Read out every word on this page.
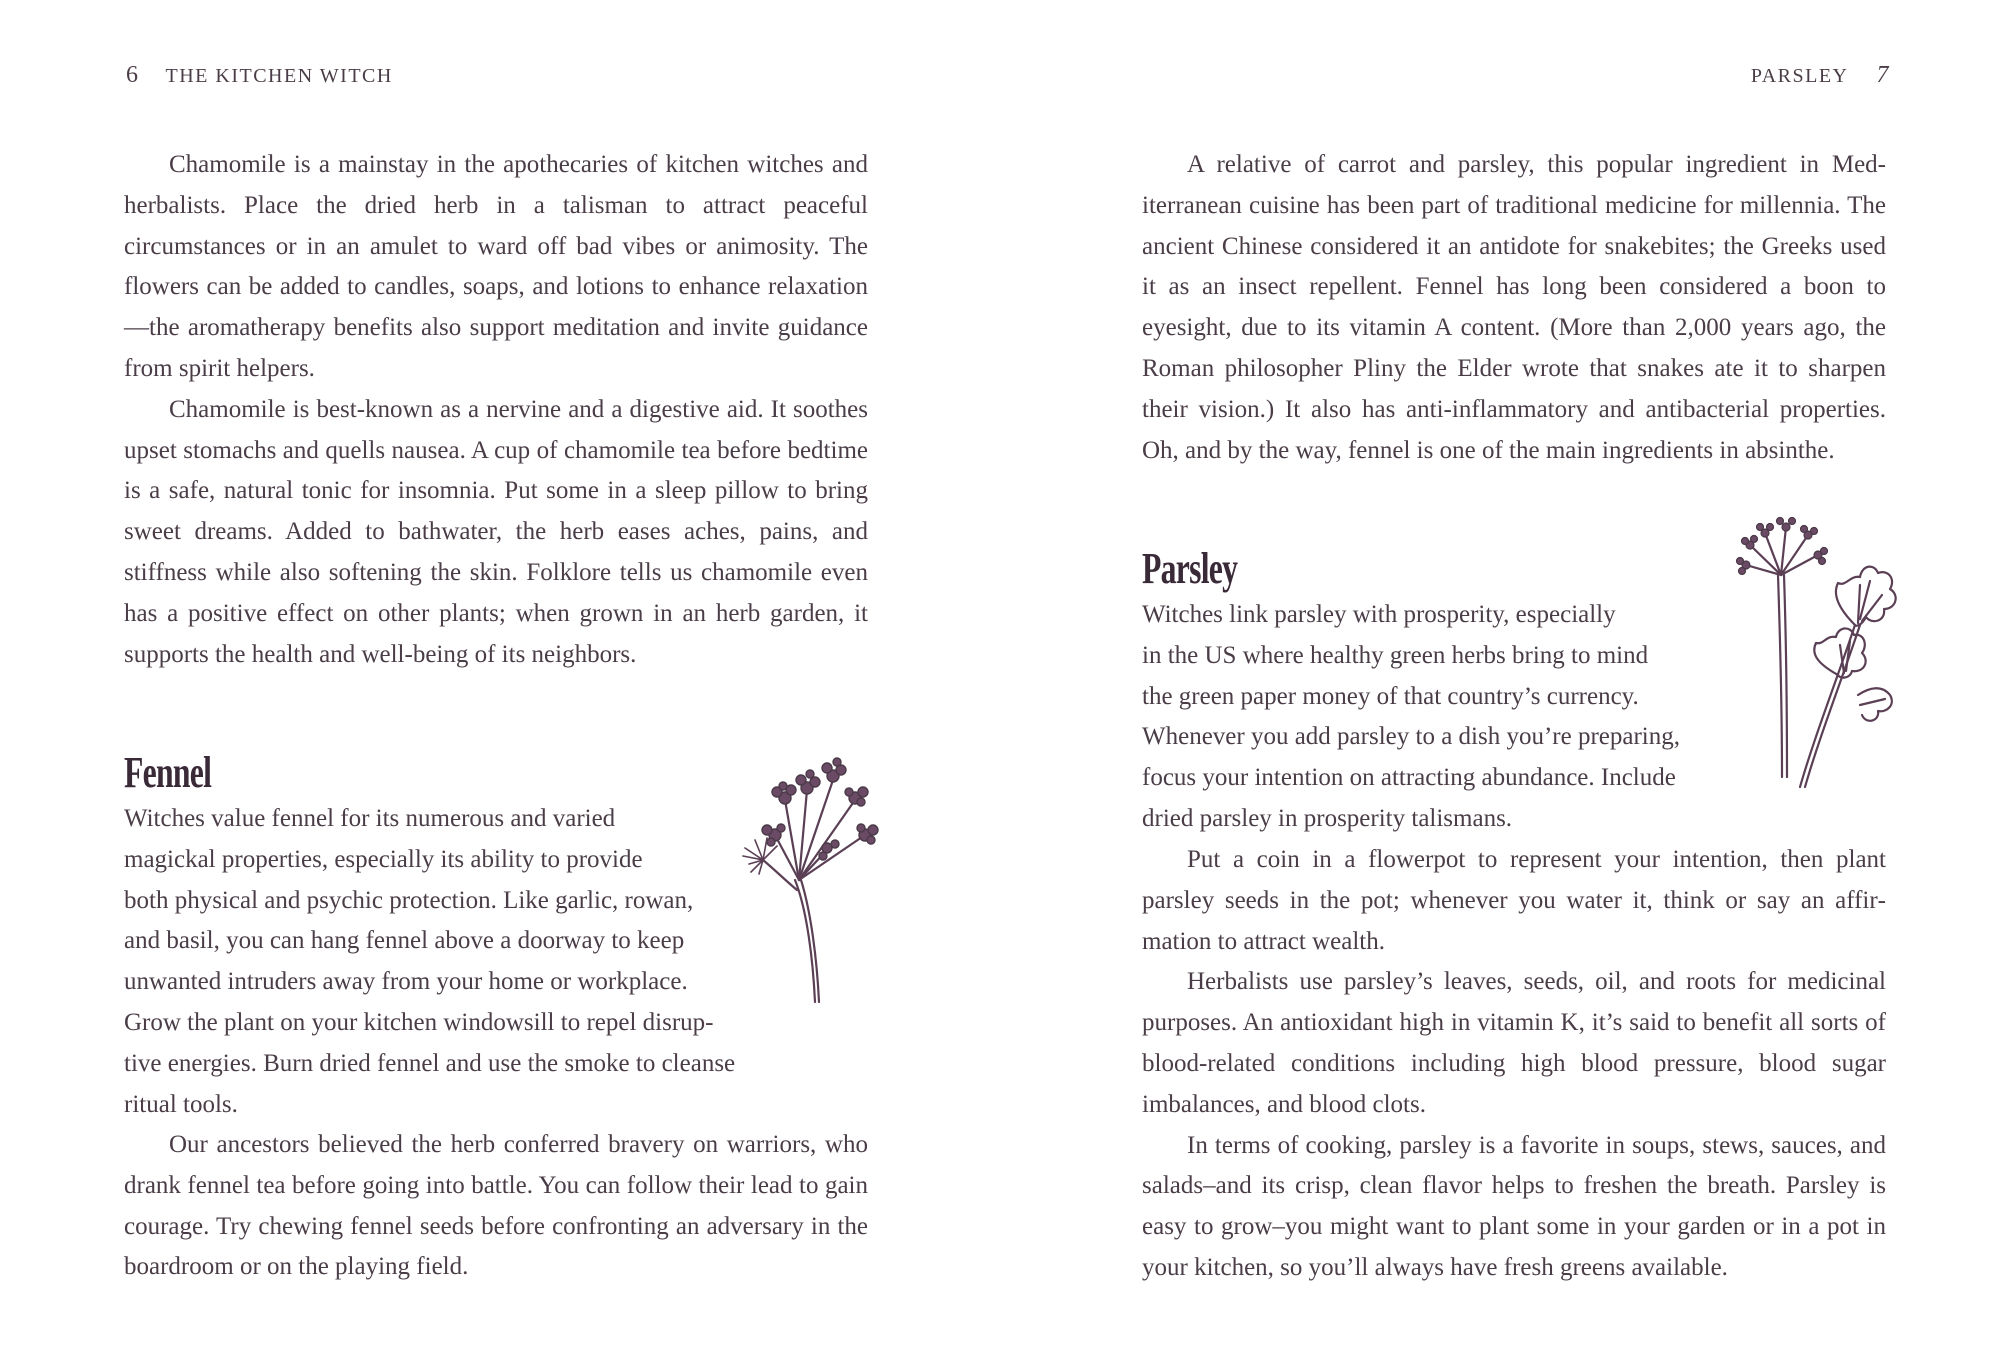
6 THE KITCHEN WITCH

Chamomile is a mainstay in the apothecaries of kitchen witches and herbalists. Place the dried herb in a talisman to attract peaceful circumstances or in an amulet to ward off bad vibes or animosity. The flowers can be added to candles, soaps, and lotions to enhance relaxation—the aromatherapy benefits also support meditation and invite guidance from spirit helpers.

Chamomile is best-known as a nervine and a digestive aid. It soothes upset stomachs and quells nausea. A cup of chamomile tea before bedtime is a safe, natural tonic for insomnia. Put some in a sleep pillow to bring sweet dreams. Added to bathwater, the herb eases aches, pains, and stiffness while also softening the skin. Folklore tells us chamomile even has a positive effect on other plants; when grown in an herb garden, it supports the health and well-being of its neighbors.

Fennel
Witches value fennel for its numerous and varied
magickal properties, especially its ability to provide
both physical and psychic protection. Like garlic, rowan,
and basil, you can hang fennel above a doorway to keep
unwanted intruders away from your home or workplace.
Grow the plant on your kitchen windowsill to repel disrup-
tive energies. Burn dried fennel and use the smoke to cleanse
ritual tools.

Our ancestors believed the herb conferred bravery on warriors, who drank fennel tea before going into battle. You can follow their lead to gain courage. Try chewing fennel seeds before confronting an adversary in the boardroom or on the playing field.

PARSLEY 7

A relative of carrot and parsley, this popular ingredient in Mediterranean cuisine has been part of traditional medicine for millennia. The ancient Chinese considered it an antidote for snakebites; the Greeks used it as an insect repellent. Fennel has long been considered a boon to eyesight, due to its vitamin A content. (More than 2,000 years ago, the Roman philosopher Pliny the Elder wrote that snakes ate it to sharpen their vision.) It also has anti-inflammatory and antibacterial properties. Oh, and by the way, fennel is one of the main ingredients in absinthe.

Parsley
Witches link parsley with prosperity, especially
in the US where healthy green herbs bring to mind
the green paper money of that country’s currency.
Whenever you add parsley to a dish you’re preparing,
focus your intention on attracting abundance. Include
dried parsley in prosperity talismans.

Put a coin in a flowerpot to represent your intention, then plant parsley seeds in the pot; whenever you water it, think or say an affirmation to attract wealth.

Herbalists use parsley’s leaves, seeds, oil, and roots for medicinal purposes. An antioxidant high in vitamin K, it’s said to benefit all sorts of blood-related conditions including high blood pressure, blood sugar imbalances, and blood clots.

In terms of cooking, parsley is a favorite in soups, stews, sauces, and salads–and its crisp, clean flavor helps to freshen the breath. Parsley is easy to grow–you might want to plant some in your garden or in a pot in your kitchen, so you’ll always have fresh greens available.
